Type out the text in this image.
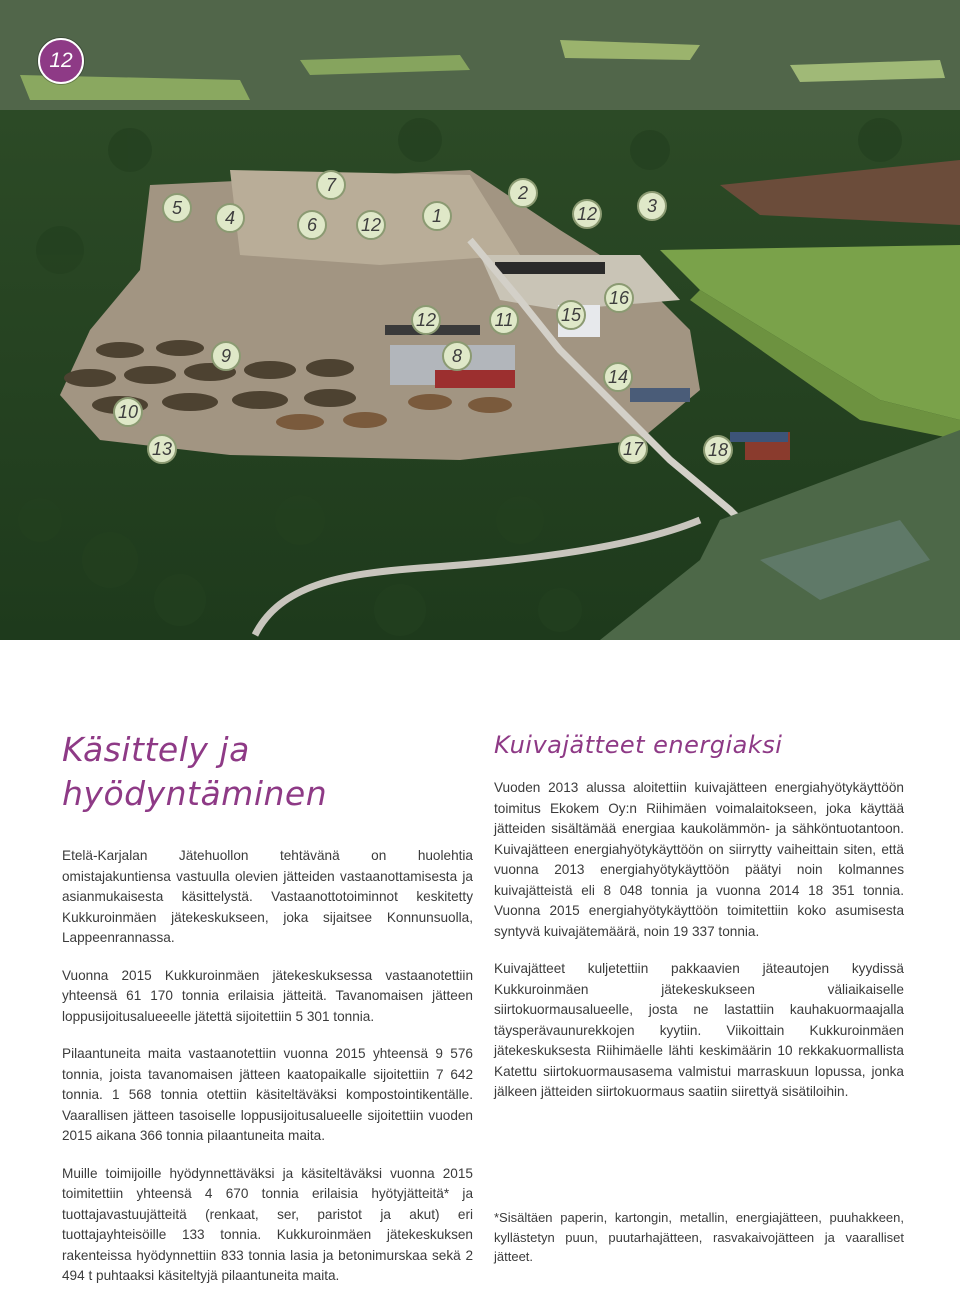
12
5	4
7
6	12	1
2
12	3
12	11	15
16
9	8
14
10
13	17	18
Käsittely ja
hyödyntäminen

Etelä-Karjalan Jätehuollon tehtävänä on huolehtia omistajakuntiensa vastuulla olevien jätteiden vastaanottamisesta ja asianmukaisesta käsittelystä. Vastaanottotoiminnot keskitetty Kukkuroinmäen jätekeskukseen, joka sijaitsee Konnunsuolla, Lappeenrannassa.

Vuonna 2015 Kukkuroinmäen jätekeskuksessa vastaanotettiin yhteensä 61 170 tonnia erilaisia jätteitä. Tavanomaisen jätteen loppusijoitusalueeelle jätettä sijoitettiin 5 301 tonnia.

Pilaantuneita maita vastaanotettiin vuonna 2015 yhteensä 9 576 tonnia, joista tavanomaisen jätteen kaatopaikalle sijoitettiin 7 642 tonnia. 1 568 tonnia otettiin käsiteltäväksi kompostointikentälle. Vaarallisen jätteen tasoiselle loppusijoitusalueelle sijoitettiin vuoden 2015 aikana 366 tonnia pilaantuneita maita.

Muille toimijoille hyödynnettäväksi ja käsiteltäväksi vuonna 2015 toimitettiin yhteensä 4 670 tonnia erilaisia hyötyjätteitä* ja tuottajavastuujätteitä (renkaat, ser, paristot ja akut) eri tuottajayhteisöille 133 tonnia. Kukkuroinmäen jätekeskuksen rakenteissa hyödynnettiin 833 tonnia lasia ja betonimurskaa sekä 2 494 t puhtaaksi käsiteltyjä pilaantuneita maita.

Kuivajätteet energiaksi

Vuoden 2013 alussa aloitettiin kuivajätteen energiahyötykäyttöön toimitus Ekokem Oy:n Riihimäen voimalaitokseen, joka käyttää jätteiden sisältämää energiaa kaukolämmön- ja sähköntuotantoon. Kuivajätteen energiahyötykäyttöön on siirrytty vaiheittain siten, että vuonna 2013 energiahyötykäyttöön päätyi noin kolmannes kuivajätteistä eli 8 048 tonnia ja vuonna 2014 18 351 tonnia. Vuonna 2015 energiahyötykäyttöön toimitettiin koko asumisesta syntyvä kuivajätemäärä, noin 19 337 tonnia.

Kuivajätteet kuljetettiin pakkaavien jäteautojen kyydissä Kukkuroinmäen jätekeskukseen väliaikaiselle siirtokuormausalueelle, josta ne lastattiin kauhakuormaajalla täysperävaunurekkojen kyytiin. Viikoittain Kukkuroinmäen jätekeskuksesta Riihimäelle lähti keskimäärin 10 rekkakuormallista Katettu siirtokuormausasema valmistui marraskuun lopussa, jonka jälkeen jätteiden siirtokuormaus saatiin siirettyä sisätiloihin.

*Sisältäen paperin, kartongin, metallin, energiajätteen, puuhakkeen, kyllästetyn puun, puutarhajätteen, rasvakaivojätteen ja vaaralliset jätteet.
